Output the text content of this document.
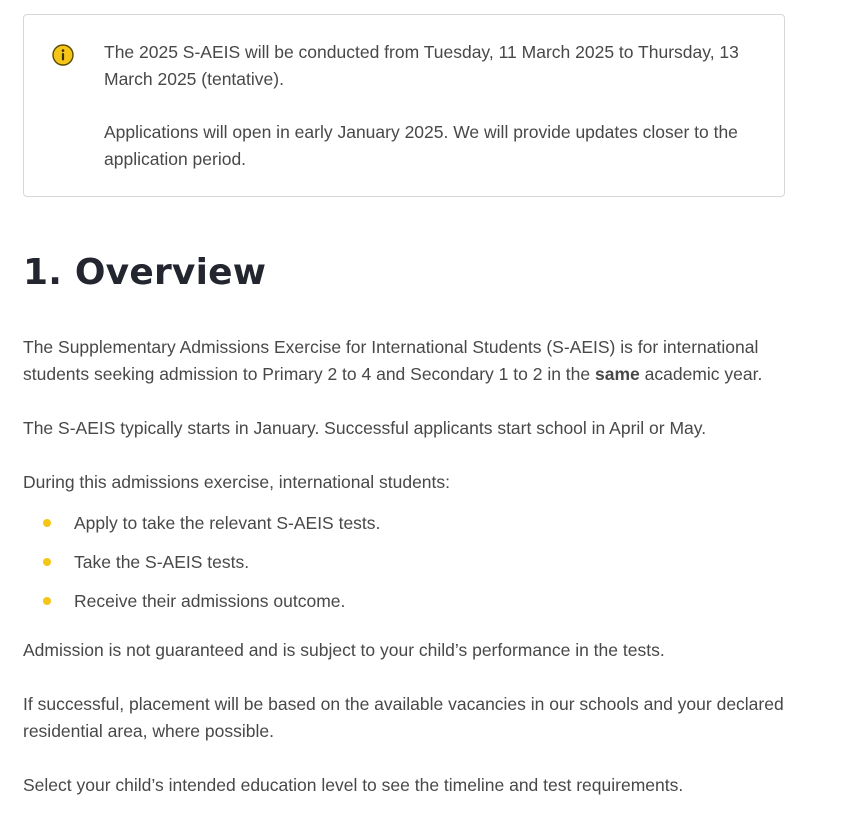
The 2025 S-AEIS will be conducted from Tuesday, 11 March 2025 to Thursday, 13 March 2025 (tentative).

Applications will open in early January 2025. We will provide updates closer to the application period.

1. Overview

The Supplementary Admissions Exercise for International Students (S-AEIS) is for international students seeking admission to Primary 2 to 4 and Secondary 1 to 2 in the same academic year.

The S-AEIS typically starts in January. Successful applicants start school in April or May.

During this admissions exercise, international students:

Apply to take the relevant S-AEIS tests.
Take the S-AEIS tests.
Receive their admissions outcome.

Admission is not guaranteed and is subject to your child’s performance in the tests.

If successful, placement will be based on the available vacancies in our schools and your declared residential area, where possible.

Select your child’s intended education level to see the timeline and test requirements.
